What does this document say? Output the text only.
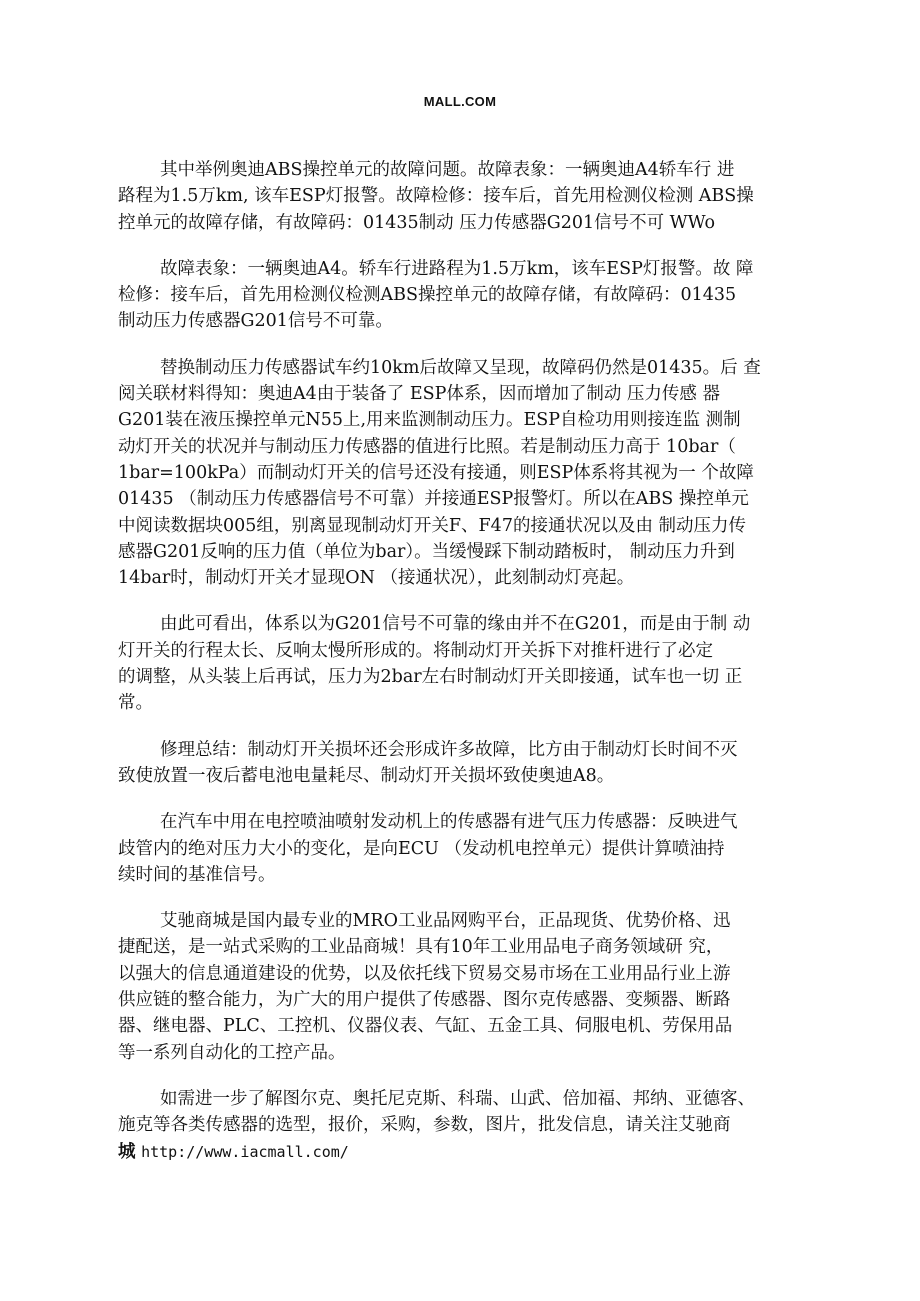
MALL.COM

其中举例奥迪ABS操控单元的故障问题。故障表象：一辆奥迪A4轿车行 进
路程为1.5万km, 该车ESP灯报警。故障检修：接车后，首先用检测仪检测 ABS操
控单元的故障存储，有故障码：01435制动 压力传感器G201信号不可 WWo

故障表象：一辆奥迪A4。轿车行进路程为1.5万km，该车ESP灯报警。故 障
检修：接车后，首先用检测仪检测ABS操控单元的故障存储，有故障码：01435
制动压力传感器G201信号不可靠。

替换制动压力传感器试车约10km后故障又呈现，故障码仍然是01435。后 查
阅关联材料得知：奥迪A4由于装备了 ESP体系，因而增加了制动 压力传感 器
G201装在液压操控单元N55上,用来监测制动压力。ESP自检功用则接连监 测制
动灯开关的状况并与制动压力传感器的值进行比照。若是制动压力高于 10bar（
1bar=100kPa）而制动灯开关的信号还没有接通，则ESP体系将其视为一 个故障
01435 （制动压力传感器信号不可靠）并接通ESP报警灯。所以在ABS 操控单元
中阅读数据块005组，别离显现制动灯开关F、F47的接通状况以及由 制动压力传
感器G201反响的压力值（单位为bar）。当缓慢踩下制动踏板时， 制动压力升到
14bar时，制动灯开关才显现ON （接通状况），此刻制动灯亮起。

由此可看出，体系以为G201信号不可靠的缘由并不在G201，而是由于制 动
灯开关的行程太长、反响太慢所形成的。将制动灯开关拆下对推杆进行了必定
的调整，从头装上后再试，压力为2bar左右时制动灯开关即接通，试车也一切 正
常。

修理总结：制动灯开关损坏还会形成许多故障，比方由于制动灯长时间不灭
致使放置一夜后蓄电池电量耗尽、制动灯开关损坏致使奥迪A8。

在汽车中用在电控喷油喷射发动机上的传感器有进气压力传感器：反映进气
歧管内的绝对压力大小的变化，是向ECU （发动机电控单元）提供计算喷油持
续时间的基准信号。

艾驰商城是国内最专业的MRO工业品网购平台，正品现货、优势价格、迅
捷配送，是一站式采购的工业品商城！具有10年工业用品电子商务领域研 究，
以强大的信息通道建设的优势，以及依托线下贸易交易市场在工业用品行业上游
供应链的整合能力，为广大的用户提供了传感器、图尔克传感器、变频器、断路
器、继电器、PLC、工控机、仪器仪表、气缸、五金工具、伺服电机、劳保用品
等一系列自动化的工控产品。

如需进一步了解图尔克、奥托尼克斯、科瑞、山武、倍加福、邦纳、亚德客、
施克等各类传感器的选型，报价，采购，参数，图片，批发信息，请关注艾驰商
城 http://www.iacmall.com/
